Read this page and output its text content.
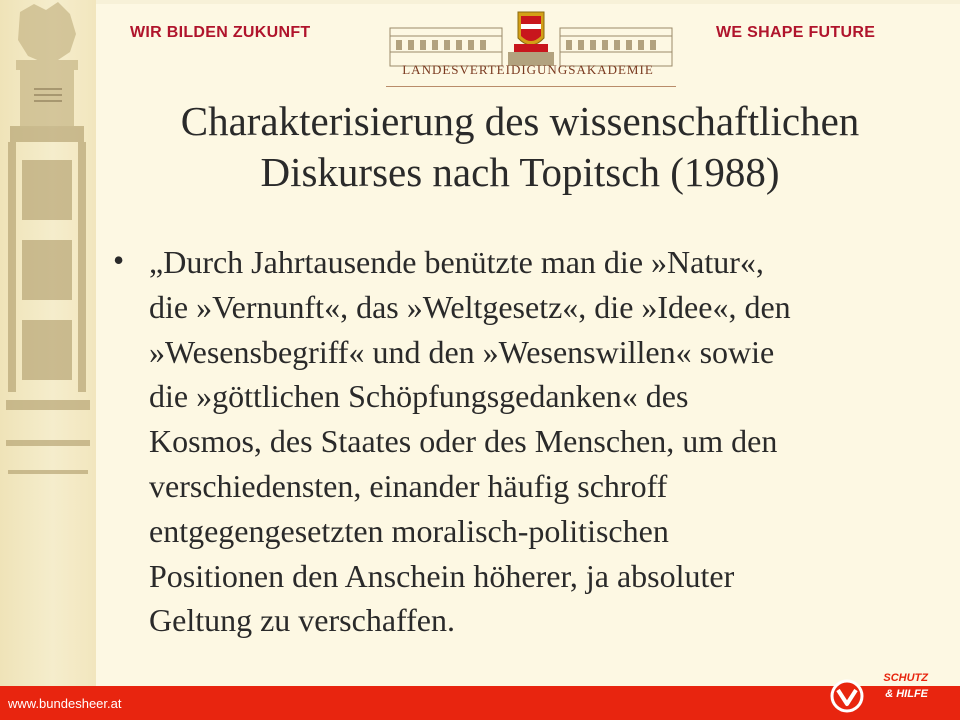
WIR BILDEN ZUKUNFT	WE SHAPE FUTURE
LANDESVERTEIDIGUNGSAKADEMIE
Charakterisierung des wissenschaftlichen
Diskurses nach Topitsch (1988)
• „Durch Jahrtausende benützte man die »Natur«,
die »Vernunft«, das »Weltgesetz«, die »Idee«, den
»Wesensbegriff« und den »Wesenswillen« sowie
die »göttlichen Schöpfungsgedanken« des
Kosmos, des Staates oder des Menschen, um den
verschiedensten, einander häufig schroff
entgegengesetzten moralisch-politischen
Positionen den Anschein höherer, ja absoluter
Geltung zu verschaffen.
www.bundesheer.at
SCHUTZ
& HILFE
